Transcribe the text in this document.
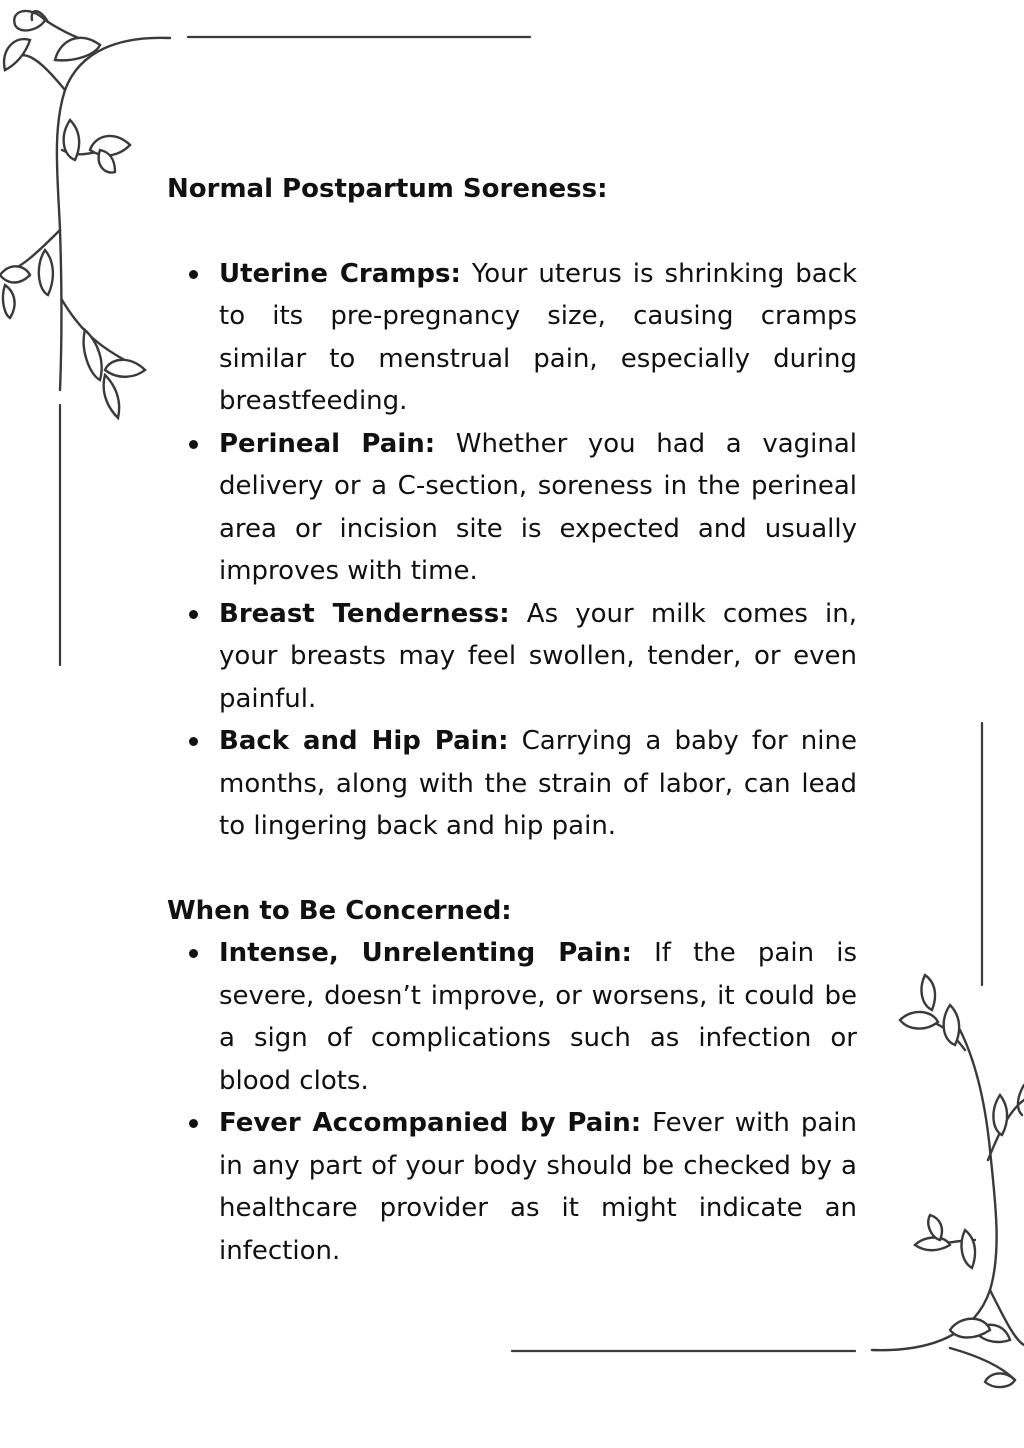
Normal Postpartum Soreness:

Uterine Cramps: Your uterus is shrinking back to its pre-pregnancy size, causing cramps similar to menstrual pain, especially during breastfeeding.
Perineal Pain: Whether you had a vaginal delivery or a C-section, soreness in the perineal area or incision site is expected and usually improves with time.
Breast Tenderness: As your milk comes in, your breasts may feel swollen, tender, or even painful.
Back and Hip Pain: Carrying a baby for nine months, along with the strain of labor, can lead to lingering back and hip pain.

When to Be Concerned:

Intense, Unrelenting Pain: If the pain is severe, doesn’t improve, or worsens, it could be a sign of complications such as infection or blood clots.
Fever Accompanied by Pain: Fever with pain in any part of your body should be checked by a healthcare provider as it might indicate an infection.
